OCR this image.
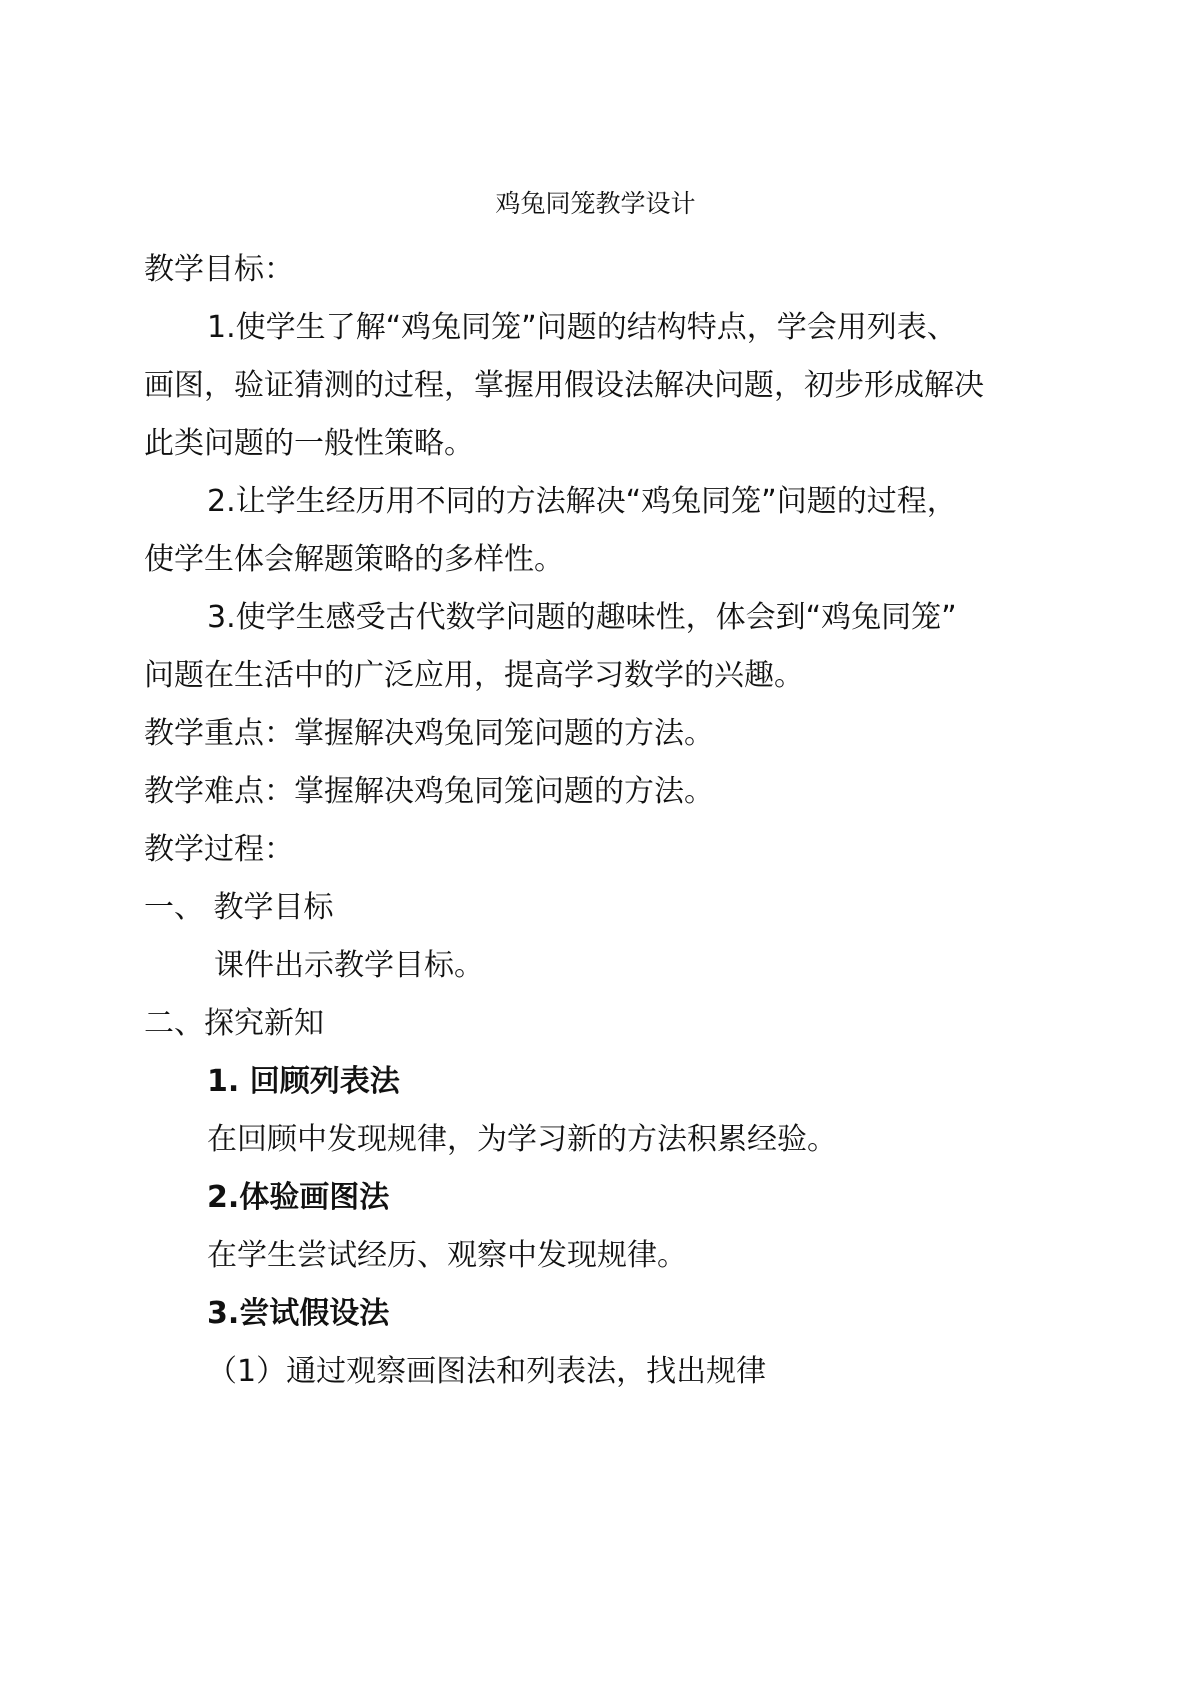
鸡兔同笼教学设计
教学目标：
1.使学生了解“鸡兔同笼”问题的结构特点，学会用列表、
画图，验证猜测的过程，掌握用假设法解决问题，初步形成解决
此类问题的一般性策略。
2.让学生经历用不同的方法解决“鸡兔同笼”问题的过程，
使学生体会解题策略的多样性。
3.使学生感受古代数学问题的趣味性，体会到“鸡兔同笼”
问题在生活中的广泛应用，提高学习数学的兴趣。
教学重点：掌握解决鸡兔同笼问题的方法。
教学难点：掌握解决鸡兔同笼问题的方法。
教学过程：
一、 教学目标
课件出示教学目标。
二、探究新知
1. 回顾列表法
在回顾中发现规律，为学习新的方法积累经验。
2.体验画图法
在学生尝试经历、观察中发现规律。
3.尝试假设法
（1）通过观察画图法和列表法，找出规律
